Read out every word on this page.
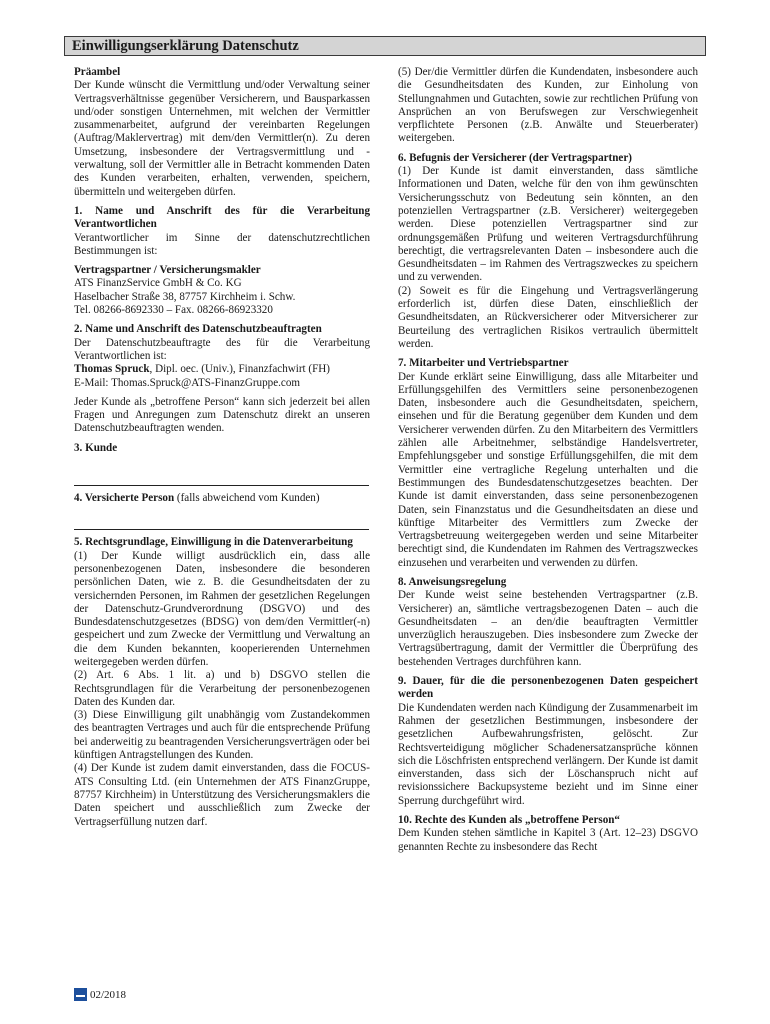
Einwilligungserklärung Datenschutz

Präambel

Der Kunde wünscht die Vermittlung und/oder Verwaltung seiner Vertragsverhältnisse gegenüber Versicherern, und Bausparkassen und/oder sonstigen Unternehmen, mit welchen der Vermittler zusammenarbeitet, aufgrund der vereinbarten Regelungen (Auftrag/Maklervertrag) mit dem/den Vermittler(n). Zu deren Umsetzung, insbesondere der Vertragsvermittlung und -verwaltung, soll der Vermittler alle in Betracht kommenden Daten des Kunden verarbeiten, erhalten, verwenden, speichern, übermitteln und weitergeben dürfen.

1. Name und Anschrift des für die Verarbeitung Verantwortlichen

Verantwortlicher im Sinne der datenschutzrechtlichen Bestimmungen ist:

Vertragspartner / Versicherungsmakler

ATS FinanzService GmbH & Co. KG

Haselbacher Straße 38, 87757 Kirchheim i. Schw.

Tel. 08266-8692330 – Fax. 08266-86923320

2. Name und Anschrift des Datenschutzbeauftragten

Der Datenschutzbeauftragte des für die Verarbeitung Verantwortlichen ist:

Thomas Spruck, Dipl. oec. (Univ.), Finanzfachwirt (FH)

E-Mail: Thomas.Spruck@ATS-FinanzGruppe.com

Jeder Kunde als „betroffene Person“ kann sich jederzeit bei allen Fragen und Anregungen zum Datenschutz direkt an unseren Datenschutzbeauftragten wenden.

3. Kunde

4. Versicherte Person (falls abweichend vom Kunden)

5. Rechtsgrundlage, Einwilligung in die Datenverarbeitung

(1) Der Kunde willigt ausdrücklich ein, dass alle personenbezogenen Daten, insbesondere die besonderen persönlichen Daten, wie z. B. die Gesundheitsdaten der zu versichernden Personen, im Rahmen der gesetzlichen Regelungen der Datenschutz-Grundverordnung (DSGVO) und des Bundesdatenschutzgesetzes (BDSG) von dem/den Vermittler(-n) gespeichert und zum Zwecke der Vermittlung und Verwaltung an die dem Kunden bekannten, kooperierenden Unternehmen weitergegeben werden dürfen.

(2) Art. 6 Abs. 1 lit. a) und b) DSGVO stellen die Rechtsgrundlagen für die Verarbeitung der personenbezogenen Daten des Kunden dar.

(3) Diese Einwilligung gilt unabhängig vom Zustandekommen des beantragten Vertrages und auch für die entsprechende Prüfung bei anderweitig zu beantragenden Versicherungsverträgen oder bei künftigen Antragstellungen des Kunden.

(4) Der Kunde ist zudem damit einverstanden, dass die FOCUS-ATS Consulting Ltd. (ein Unternehmen der ATS FinanzGruppe, 87757 Kirchheim) in Unterstützung des Versicherungsmaklers die Daten speichert und ausschließlich zum Zwecke der Vertragserfüllung nutzen darf.

(5) Der/die Vermittler dürfen die Kundendaten, insbesondere auch die Gesundheitsdaten des Kunden, zur Einholung von Stellungnahmen und Gutachten, sowie zur rechtlichen Prüfung von Ansprüchen an von Berufswegen zur Verschwiegenheit verpflichtete Personen (z.B. Anwälte und Steuerberater) weitergeben.

6. Befugnis der Versicherer (der Vertragspartner)

(1) Der Kunde ist damit einverstanden, dass sämtliche Informationen und Daten, welche für den von ihm gewünschten Versicherungsschutz von Bedeutung sein könnten, an den potenziellen Vertragspartner (z.B. Versicherer) weitergegeben werden. Diese potenziellen Vertragspartner sind zur ordnungsgemäßen Prüfung und weiteren Vertragsdurchführung berechtigt, die vertragsrelevanten Daten – insbesondere auch die Gesundheitsdaten – im Rahmen des Vertragszweckes zu speichern und zu verwenden.

(2) Soweit es für die Eingehung und Vertragsverlängerung erforderlich ist, dürfen diese Daten, einschließlich der Gesundheitsdaten, an Rückversicherer oder Mitversicherer zur Beurteilung des vertraglichen Risikos vertraulich übermittelt werden.

7. Mitarbeiter und Vertriebspartner

Der Kunde erklärt seine Einwilligung, dass alle Mitarbeiter und Erfüllungsgehilfen des Vermittlers seine personenbezogenen Daten, insbesondere auch die Gesundheitsdaten, speichern, einsehen und für die Beratung gegenüber dem Kunden und dem Versicherer verwenden dürfen. Zu den Mitarbeitern des Vermittlers zählen alle Arbeitnehmer, selbständige Handelsvertreter, Empfehlungsgeber und sonstige Erfüllungsgehilfen, die mit dem Vermittler eine vertragliche Regelung unterhalten und die Bestimmungen des Bundesdatenschutzgesetzes beachten. Der Kunde ist damit einverstanden, dass seine personenbezogenen Daten, sein Finanzstatus und die Gesundheitsdaten an diese und künftige Mitarbeiter des Vermittlers zum Zwecke der Vertragsbetreuung weitergegeben werden und seine Mitarbeiter berechtigt sind, die Kundendaten im Rahmen des Vertragszweckes einzusehen und verarbeiten und verwenden zu dürfen.

8. Anweisungsregelung

Der Kunde weist seine bestehenden Vertragspartner (z.B. Versicherer) an, sämtliche vertragsbezogenen Daten – auch die Gesundheitsdaten – an den/die beauftragten Vermittler unverzüglich herauszugeben. Dies insbesondere zum Zwecke der Vertragsübertragung, damit der Vermittler die Überprüfung des bestehenden Vertrages durchführen kann.

9. Dauer, für die die personenbezogenen Daten gespeichert werden

Die Kundendaten werden nach Kündigung der Zusammenarbeit im Rahmen der gesetzlichen Bestimmungen, insbesondere der gesetzlichen Aufbewahrungsfristen, gelöscht. Zur Rechtsverteidigung möglicher Schadenersatzansprüche können sich die Löschfristen entsprechend verlängern. Der Kunde ist damit einverstanden, dass sich der Löschanspruch nicht auf revisionssichere Backupsysteme bezieht und im Sinne einer Sperrung durchgeführt wird.

10. Rechte des Kunden als „betroffene Person“

Dem Kunden stehen sämtliche in Kapitel 3 (Art. 12–23) DSGVO genannten Rechte zu insbesondere das Recht

02/2018
